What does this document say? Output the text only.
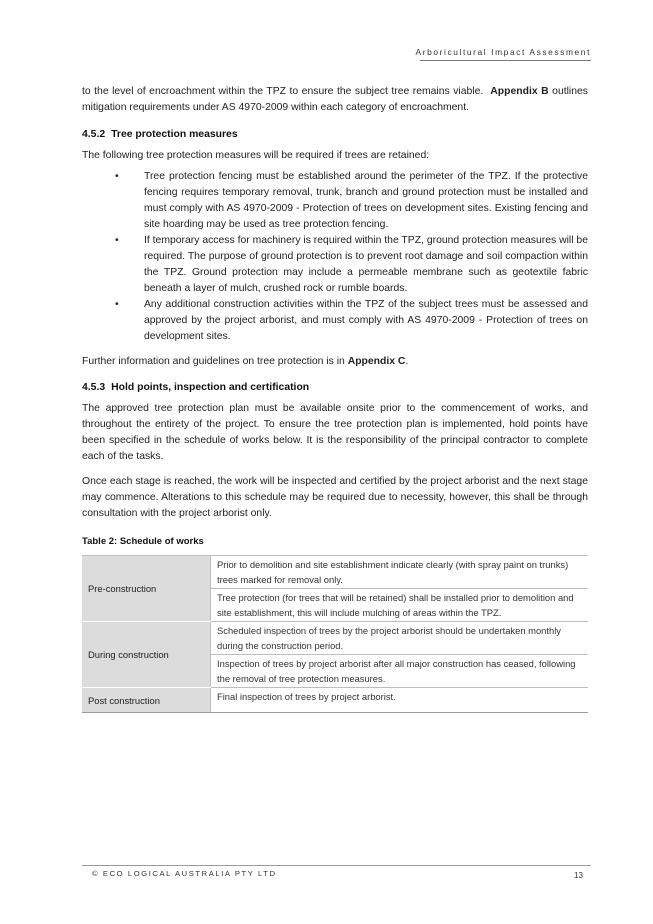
Arboricultural Impact Assessment

to the level of encroachment within the TPZ to ensure the subject tree remains viable. Appendix B outlines mitigation requirements under AS 4970-2009 within each category of encroachment.

4.5.2 Tree protection measures

The following tree protection measures will be required if trees are retained:

• Tree protection fencing must be established around the perimeter of the TPZ. If the protective fencing requires temporary removal, trunk, branch and ground protection must be installed and must comply with AS 4970-2009 - Protection of trees on development sites. Existing fencing and site hoarding may be used as tree protection fencing.
• If temporary access for machinery is required within the TPZ, ground protection measures will be required. The purpose of ground protection is to prevent root damage and soil compaction within the TPZ. Ground protection may include a permeable membrane such as geotextile fabric beneath a layer of mulch, crushed rock or rumble boards.
• Any additional construction activities within the TPZ of the subject trees must be assessed and approved by the project arborist, and must comply with AS 4970-2009 - Protection of trees on development sites.

Further information and guidelines on tree protection is in Appendix C.

4.5.3 Hold points, inspection and certification

The approved tree protection plan must be available onsite prior to the commencement of works, and throughout the entirety of the project. To ensure the tree protection plan is implemented, hold points have been specified in the schedule of works below. It is the responsibility of the principal contractor to complete each of the tasks.

Once each stage is reached, the work will be inspected and certified by the project arborist and the next stage may commence. Alterations to this schedule may be required due to necessity, however, this shall be through consultation with the project arborist only.

Table 2: Schedule of works
Pre-construction	Prior to demolition and site establishment indicate clearly (with spray paint on trunks) trees marked for removal only.
	Tree protection (for trees that will be retained) shall be installed prior to demolition and site establishment, this will include mulching of areas within the TPZ.
During construction	Scheduled inspection of trees by the project arborist should be undertaken monthly during the construction period.
	Inspection of trees by project arborist after all major construction has ceased, following the removal of tree protection measures.
Post construction	Final inspection of trees by project arborist.
© ECO LOGICAL AUSTRALIA PTY LTD	13
